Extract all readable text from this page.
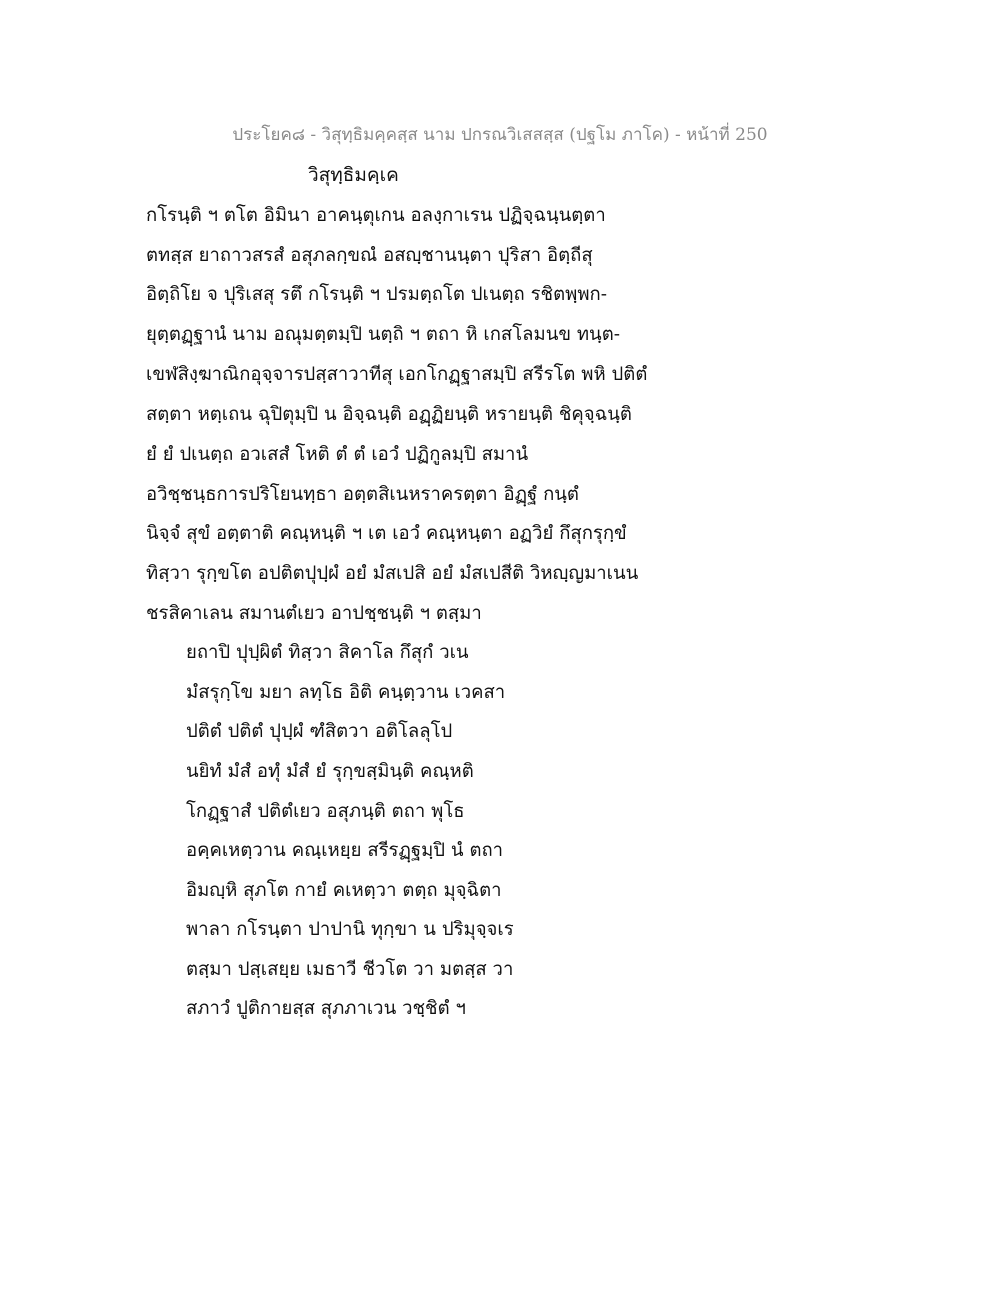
ประโยค๘ - วิสุทฺธิมคฺคสฺส นาม ปกรณวิเสสสฺส (ปฐโม ภาโค) - หน้าที่ 250
วิสุทฺธิมคฺเค
กโรนฺติ ฯ ตโต อิมินา อาคนฺตุเกน อลงฺกาเรน ปฏิจฺฉนฺนตฺตา
ตทสฺส ยาถาวสรสํ อสุภลกฺขณํ อสญฺชานนฺตา ปุริสา อิตฺถีสุ
อิตฺถิโย จ ปุริเสสุ รตึ กโรนฺติ ฯ ปรมตฺถโต ปเนตฺถ รชิตพฺพก-
ยุตฺตฏฺฐานํ นาม อณุมตฺตมฺปิ นตฺถิ ฯ ตถา หิ เกสโลมนข ทนฺต-
เขฬสิงฺฆาณิกอุจฺจารปสฺสาวาทีสุ เอกโกฏฺฐาสมฺปิ สรีรโต พหิ ปติตํ
สตฺตา หตฺเถน ฉุปิตุมฺปิ น อิจฺฉนฺติ อฏฺฏิยนฺติ หรายนฺติ ชิคุจฺฉนฺติ
ยํ ยํ ปเนตฺถ อวเสสํ โหติ ตํ ตํ เอวํ ปฏิกูลมฺปิ สมานํ
อวิชฺชนฺธการปริโยนทฺธา อตฺตสิเนหราครตฺตา อิฏฺฐํ กนฺตํ
นิจฺจํ สุขํ อตฺตาติ คณฺหนฺติ ฯ เต เอวํ คณฺหนฺตา อฏวิยํ กึสุกรุกฺขํ
ทิสฺวา รุกฺขโต อปติตปุปฺผํ อยํ มํสเปสิ อยํ มํสเปสีติ วิหญฺญมาเนน
ชรสิคาเลน สมานตํเยว อาปชฺชนฺติ ฯ ตสฺมา
ยถาปิ ปุปฺผิตํ ทิสฺวา สิคาโล กึสุกํ วเน
มํสรุกฺโข มยา ลทฺโธ อิติ คนฺตฺวาน เวคสา
ปติตํ ปติตํ ปุปฺผํ ฑํสิตวา อติโลลุโป
นยิทํ มํสํ อทุํ มํสํ ยํ รุกฺขสฺมินฺติ คณฺหติ
โกฏฺฐาสํ ปติตํเยว อสุภนฺติ ตถา พุโธ
อคฺคเหตฺวาน คณฺเหยฺย สรีรฏฺฐมฺปิ นํ ตถา
อิมญฺหิ สุภโต กายํ คเหตฺวา ตตฺถ มุจฺฉิตา
พาลา กโรนฺตา ปาปานิ ทุกฺขา น ปริมุจฺจเร
ตสฺมา ปสฺเสยฺย เมธาวี ชีวโต วา มตสฺส วา
สภาวํ ปูติกายสฺส สุภภาเวน วชฺชิตํ ฯ
